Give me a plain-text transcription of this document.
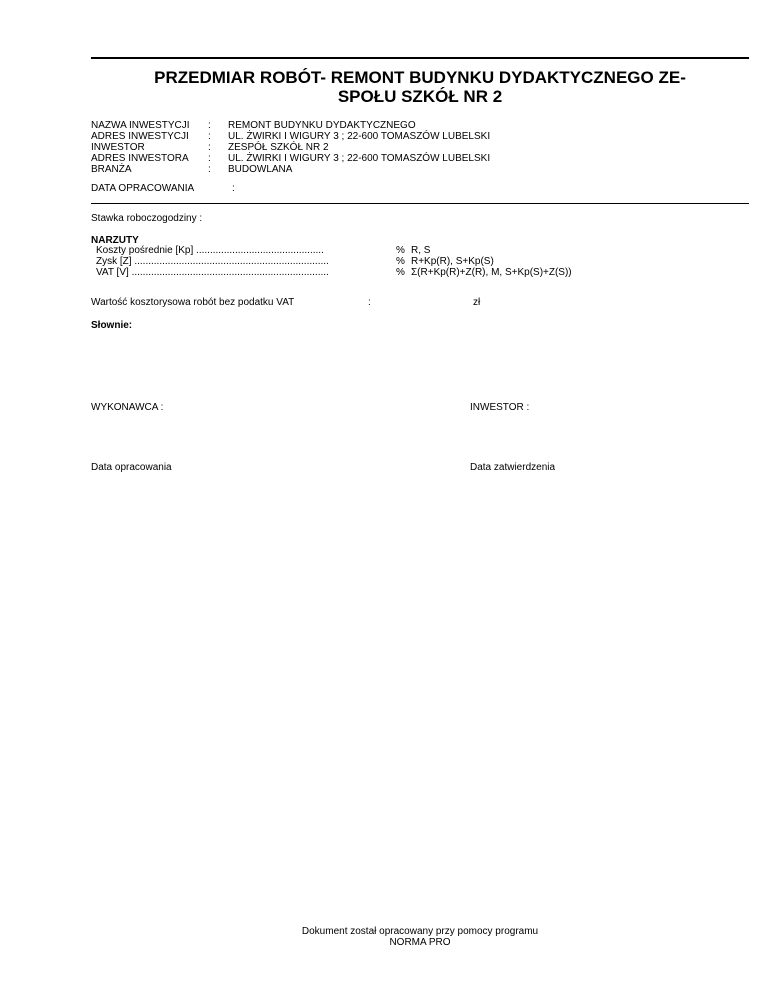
PRZEDMIAR ROBÓT- REMONT BUDYNKU DYDAKTYCZNEGO ZE-
SPOŁU SZKÓŁ NR 2
NAZWA INWESTYCJI : REMONT BUDYNKU DYDAKTYCZNEGO
ADRES INWESTYCJI : UL. ŻWIRKI I WIGURY 3 ; 22-600 TOMASZÓW LUBELSKI
INWESTOR	: ZESPÓŁ SZKÓŁ NR 2
ADRES INWESTORA : UL. ŻWIRKI I WIGURY 3 ; 22-600 TOMASZÓW LUBELSKI
BRANŻA	: BUDOWLANA
DATA OPRACOWANIA	:
Stawka roboczogodziny :
NARZUTY
Koszty pośrednie [Kp] ..............................................	% R, S
Zysk [Z] ......................................................................	% R+Kp(R), S+Kp(S)
VAT [V] .......................................................................	% Σ(R+Kp(R)+Z(R), M, S+Kp(S)+Z(S))
Wartość kosztorysowa robót bez podatku VAT	:	zł
Słownie:
WYKONAWCA :	INWESTOR :
Data opracowania	Data zatwierdzenia
Dokument został opracowany przy pomocy programu
NORMA PRO
